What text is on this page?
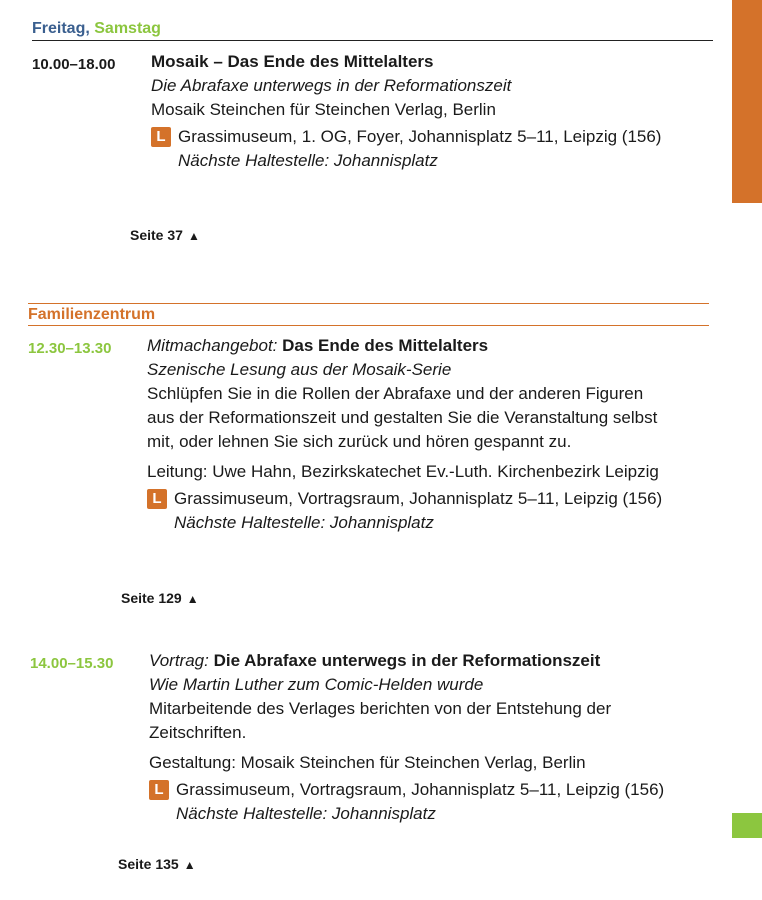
Freitag, Samstag
10.00–18.00 Mosaik – Das Ende des Mittelalters
Die Abrafaxe unterwegs in der Reformationszeit
Mosaik Steinchen für Steinchen Verlag, Berlin
L Grassimuseum, 1. OG, Foyer, Johannisplatz 5–11, Leipzig (156)
Nächste Haltestelle: Johannisplatz
Seite 37 ▲
Familienzentrum
12.30–13.30 Mitmachangebot: Das Ende des Mittelalters
Szenische Lesung aus der Mosaik-Serie
Schlüpfen Sie in die Rollen der Abrafaxe und der anderen Figuren
aus der Reformationszeit und gestalten Sie die Veranstaltung selbst
mit, oder lehnen Sie sich zurück und hören gespannt zu.
Leitung: Uwe Hahn, Bezirkskatechet Ev.-Luth. Kirchenbezirk Leipzig
L Grassimuseum, Vortragsraum, Johannisplatz 5–11, Leipzig (156)
Nächste Haltestelle: Johannisplatz
Seite 129 ▲
14.00–15.30 Vortrag: Die Abrafaxe unterwegs in der Reformationszeit
Wie Martin Luther zum Comic-Helden wurde
Mitarbeitende des Verlages berichten von der Entstehung der
Zeitschriften.
Gestaltung: Mosaik Steinchen für Steinchen Verlag, Berlin
L Grassimuseum, Vortragsraum, Johannisplatz 5–11, Leipzig (156)
Nächste Haltestelle: Johannisplatz
Seite 135 ▲
